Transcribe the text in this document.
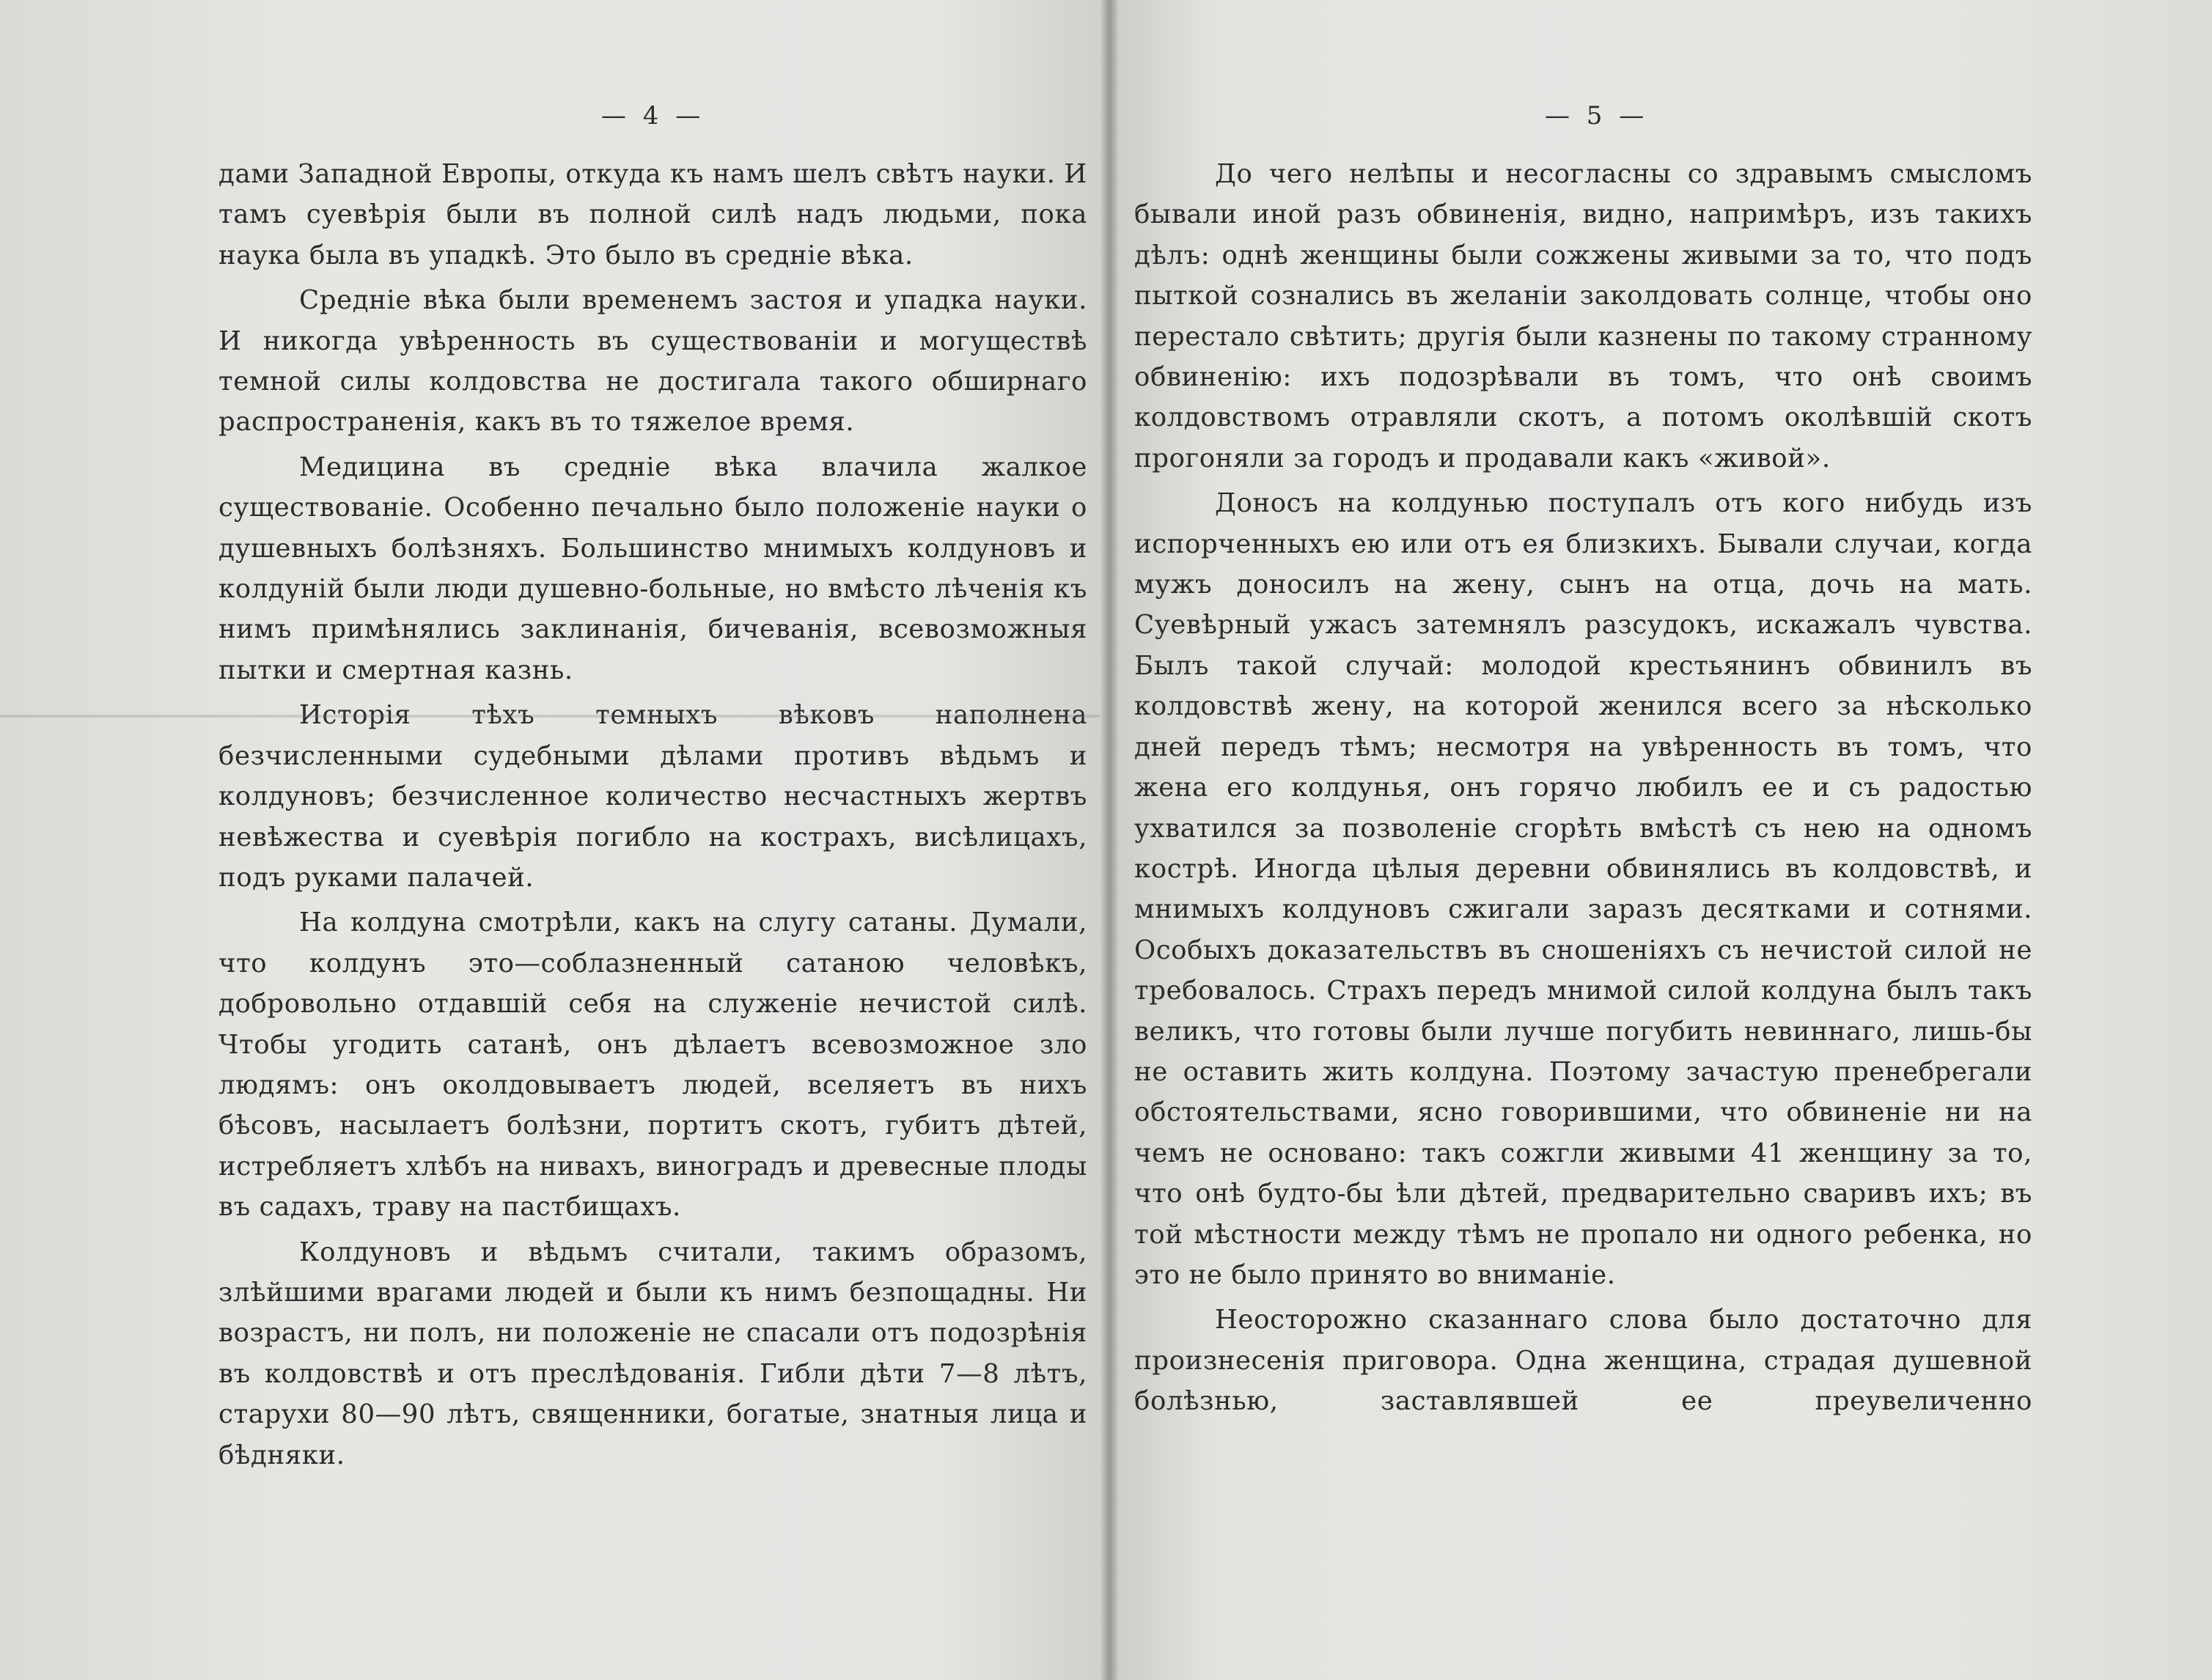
— 4 —

дами Западной Европы, откуда къ намъ шелъ свѣтъ науки. И тамъ суевѣрія были въ полной силѣ надъ людьми, пока наука была въ упадкѣ. Это было въ средніе вѣка.

Средніе вѣка были временемъ застоя и упадка науки. И никогда увѣренность въ существованіи и могуществѣ темной силы колдовства не достигала такого обширнаго распространенія, какъ въ то тяжелое время.

Медицина въ средніе вѣка влачила жалкое существованіе. Особенно печально было положеніе науки о душевныхъ болѣзняхъ. Большинство мнимыхъ колдуновъ и колдуній были люди душевно-больные, но вмѣсто лѣченія къ нимъ примѣнялись заклинанія, бичеванія, всевозможныя пытки и смертная казнь.

Исторія тѣхъ темныхъ вѣковъ наполнена безчисленными судебными дѣлами противъ вѣдьмъ и колдуновъ; безчисленное количество несчастныхъ жертвъ невѣжества и суевѣрія погибло на кострахъ, висѣлицахъ, подъ руками палачей.

На колдуна смотрѣли, какъ на слугу сатаны. Думали, что колдунъ это—соблазненный сатаною человѣкъ, добровольно отдавшій себя на служеніе нечистой силѣ. Чтобы угодить сатанѣ, онъ дѣлаетъ всевозможное зло людямъ: онъ околдовываетъ людей, вселяетъ въ нихъ бѣсовъ, насылаетъ болѣзни, портитъ скотъ, губитъ дѣтей, истребляетъ хлѣбъ на нивахъ, виноградъ и древесные плоды въ садахъ, траву на пастбищахъ.

Колдуновъ и вѣдьмъ считали, такимъ образомъ, злѣйшими врагами людей и были къ нимъ безпощадны. Ни возрастъ, ни полъ, ни положеніе не спасали отъ подозрѣнія въ колдовствѣ и отъ преслѣдованія. Гибли дѣти 7—8 лѣтъ, старухи 80—90 лѣтъ, священники, богатые, знатныя лица и бѣдняки.

— 5 —

До чего нелѣпы и несогласны со здравымъ смысломъ бывали иной разъ обвиненія, видно, напримѣръ, изъ такихъ дѣлъ: однѣ женщины были сожжены живыми за то, что подъ пыткой сознались въ желаніи заколдовать солнце, чтобы оно перестало свѣтить; другія были казнены по такому странному обвиненію: ихъ подозрѣвали въ томъ, что онѣ своимъ колдовствомъ отравляли скотъ, а потомъ околѣвшій скотъ прогоняли за городъ и продавали какъ «живой».

Доносъ на колдунью поступалъ отъ кого нибудь изъ испорченныхъ ею или отъ ея близкихъ. Бывали случаи, когда мужъ доносилъ на жену, сынъ на отца, дочь на мать. Суевѣрный ужасъ затемнялъ разсудокъ, искажалъ чувства. Былъ такой случай: молодой крестьянинъ обвинилъ въ колдовствѣ жену, на которой женился всего за нѣсколько дней передъ тѣмъ; несмотря на увѣренность въ томъ, что жена его колдунья, онъ горячо любилъ ее и съ радостью ухватился за позволеніе сгорѣть вмѣстѣ съ нею на одномъ кострѣ. Иногда цѣлыя деревни обвинялись въ колдовствѣ, и мнимыхъ колдуновъ сжигали заразъ десятками и сотнями. Особыхъ доказательствъ въ сношеніяхъ съ нечистой силой не требовалось. Страхъ передъ мнимой силой колдуна былъ такъ великъ, что готовы были лучше погубить невиннаго, лишь-бы не оставить жить колдуна. Поэтому зачастую пренебрегали обстоятельствами, ясно говорившими, что обвиненіе ни на чемъ не основано: такъ сожгли живыми 41 женщину за то, что онѣ будто-бы ѣли дѣтей, предварительно сваривъ ихъ; въ той мѣстности между тѣмъ не пропало ни одного ребенка, но это не было принято во вниманіе.

Неосторожно сказаннаго слова было достаточно для произнесенія приговора. Одна женщина, страдая душевной болѣзнью, заставлявшей ее преувеличенно
